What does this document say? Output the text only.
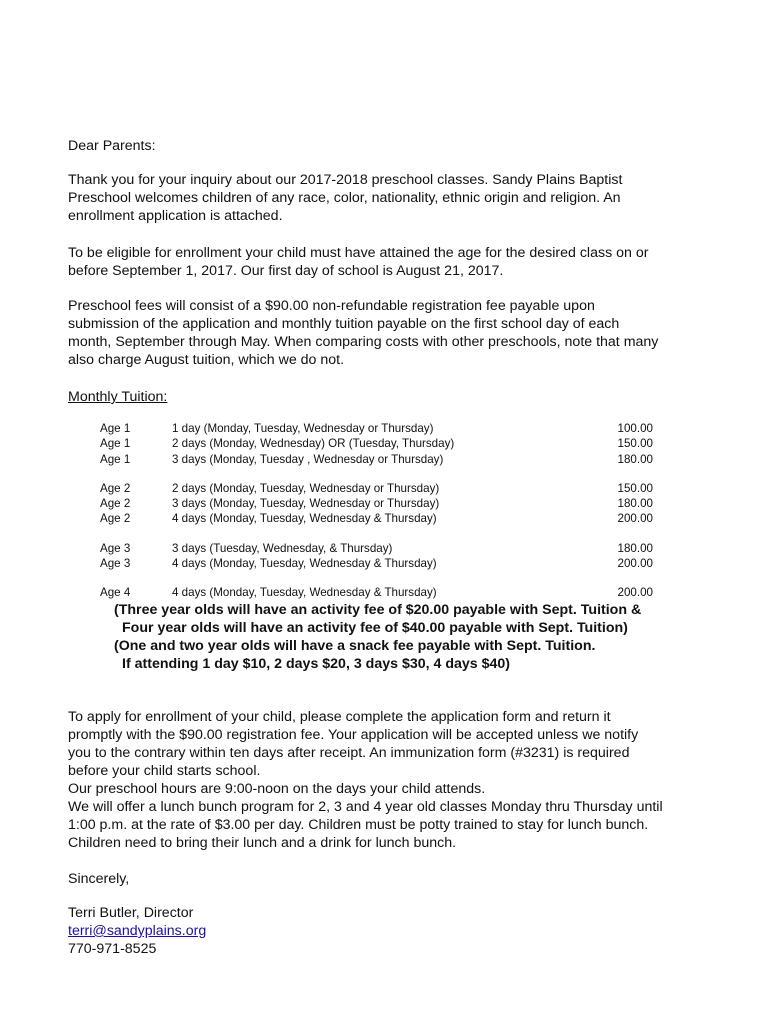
Dear Parents:

Thank you for your inquiry about our 2017-2018 preschool classes. Sandy Plains Baptist
Preschool welcomes children of any race, color, nationality, ethnic origin and religion. An
enrollment application is attached.

To be eligible for enrollment your child must have attained the age for the desired class on or
before September 1, 2017. Our first day of school is August 21, 2017.

Preschool fees will consist of a $90.00 non-refundable registration fee payable upon
submission of the application and monthly tuition payable on the first school day of each
month, September through May. When comparing costs with other preschools, note that many
also charge August tuition, which we do not.

Monthly Tuition:

Age 1	1 day (Monday, Tuesday, Wednesday or Thursday)	100.00
Age 1	2 days (Monday, Wednesday) OR (Tuesday, Thursday)	150.00
Age 1	3 days (Monday, Tuesday , Wednesday or Thursday)	180.00
Age 2	2 days (Monday, Tuesday, Wednesday or Thursday)	150.00
Age 2	3 days (Monday, Tuesday, Wednesday or Thursday)	180.00
Age 2	4 days (Monday, Tuesday, Wednesday & Thursday)	200.00
Age 3	3 days (Tuesday, Wednesday, & Thursday)	180.00
Age 3	4 days (Monday, Tuesday, Wednesday & Thursday)	200.00
Age 4	4 days (Monday, Tuesday, Wednesday & Thursday)	200.00
(Three year olds will have an activity fee of $20.00 payable with Sept. Tuition &
Four year olds will have an activity fee of $40.00 payable with Sept. Tuition)
(One and two year olds will have a snack fee payable with Sept. Tuition.
If attending 1 day $10, 2 days $20, 3 days $30, 4 days $40)

To apply for enrollment of your child, please complete the application form and return it
promptly with the $90.00 registration fee. Your application will be accepted unless we notify
you to the contrary within ten days after receipt. An immunization form (#3231) is required
before your child starts school.
Our preschool hours are 9:00-noon on the days your child attends.
We will offer a lunch bunch program for 2, 3 and 4 year old classes Monday thru Thursday until
1:00 p.m. at the rate of $3.00 per day. Children must be potty trained to stay for lunch bunch.
Children need to bring their lunch and a drink for lunch bunch.

Sincerely,

Terri Butler, Director
terri@sandyplains.org
770-971-8525
